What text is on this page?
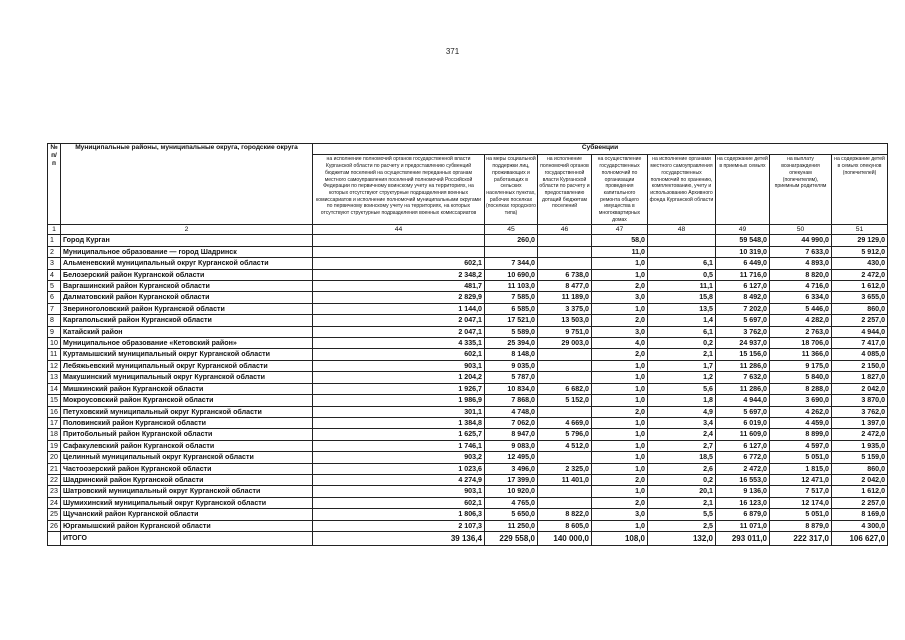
371
№ п/п	Муниципальные районы, муниципальные округа, городские округа	Субвенции							
		на исполнение полномочий органов государственной власти Курганской области по расчету и предоставлению субвенций бюджетам поселений на осуществление переданных органам местного самоуправления поселений полномочий Российской Федерации по первичному воинскому учету на территориях, на которых отсутствуют структурные подразделения военных комиссариатов и исполнение полномочий муниципальными округами по первичному воинскому учету на территориях, на которых отсутствуют структурные подразделения военных комиссариатов	на меры социальной поддержки лиц, проживающих и работающих в сельских населенных пунктах, рабочих поселках (поселках городского типа)	на исполнение полномочий органов государственной власти Курганской области по расчету и предоставлению дотаций бюджетам поселений	на осуществление государственных полномочий по организации проведения капитального ремонта общего имущества в многоквартирных домах	на исполнение органами местного самоуправления государственных полномочий по хранению, комплектованию, учету и использованию Архивного фонда Курганской области	на содержание детей в приемных семьях	на выплату вознаграждения опекунам (попечителям), приемным родителям	на содержание детей в семьях опекунов (попечителей)
1	2	44	45	46	47	48	49	50	51
1	Город Курган		260,0		58,0		59 548,0	44 990,0	29 129,0
2	Муниципальное образование — город Шадринск				11,0		10 319,0	7 633,0	5 912,0
3	Альменевский муниципальный округ Курганской области	602,1	7 344,0		1,0	6,1	6 449,0	4 893,0	430,0
4	Белозерский район Курганской области	2 348,2	10 690,0	6 738,0	1,0	0,5	11 716,0	8 820,0	2 472,0
5	Варгашинский район Курганской области	481,7	11 103,0	8 477,0	2,0	11,1	6 127,0	4 716,0	1 612,0
6	Далматовский район Курганской области	2 829,9	7 585,0	11 189,0	3,0	15,8	8 492,0	6 334,0	3 655,0
7	Звериноголовский район Курганской области	1 144,0	6 585,0	3 375,0	1,0	13,5	7 202,0	5 446,0	860,0
8	Каргапольский район Курганской области	2 047,1	17 521,0	13 503,0	2,0	1,4	5 697,0	4 282,0	2 257,0
9	Катайский район	2 047,1	5 589,0	9 751,0	3,0	6,1	3 762,0	2 763,0	4 944,0
10	Муниципальное образование «Кетовский район»	4 335,1	25 394,0	29 003,0	4,0	0,2	24 937,0	18 706,0	7 417,0
11	Куртамышский муниципальный округ Курганской области	602,1	8 148,0		2,0	2,1	15 156,0	11 366,0	4 085,0
12	Лебяжьевский муниципальный округ Курганской области	903,1	9 035,0		1,0	1,7	11 286,0	9 175,0	2 150,0
13	Макушинский муниципальный округ Курганской области	1 204,2	5 787,0		1,0	1,2	7 632,0	5 840,0	1 827,0
14	Мишкинский район Курганской области	1 926,7	10 834,0	6 682,0	1,0	5,6	11 286,0	8 288,0	2 042,0
15	Мокроусовский район Курганской области	1 986,9	7 868,0	5 152,0	1,0	1,8	4 944,0	3 690,0	3 870,0
16	Петуховский муниципальный округ Курганской области	301,1	4 748,0		2,0	4,9	5 697,0	4 262,0	3 762,0
17	Половинский район Курганской области	1 384,8	7 062,0	4 669,0	1,0	3,4	6 019,0	4 459,0	1 397,0
18	Притобольный район Курганской области	1 625,7	8 947,0	5 796,0	1,0	2,4	11 609,0	8 899,0	2 472,0
19	Сафакулевский район Курганской области	1 746,1	9 083,0	4 512,0	1,0	2,7	6 127,0	4 597,0	1 935,0
20	Целинный муниципальный округ Курганской области	903,2	12 495,0		1,0	18,5	6 772,0	5 051,0	5 159,0
21	Частоозерский район Курганской области	1 023,6	3 496,0	2 325,0	1,0	2,6	2 472,0	1 815,0	860,0
22	Шадринский район Курганской области	4 274,9	17 399,0	11 401,0	2,0	0,2	16 553,0	12 471,0	2 042,0
23	Шатровский муниципальный округ Курганской области	903,1	10 920,0		1,0	20,1	9 136,0	7 517,0	1 612,0
24	Шумихинский муниципальный округ Курганской области	602,1	4 765,0		2,0	2,1	16 123,0	12 174,0	2 257,0
25	Щучанский район Курганской области	1 806,3	5 650,0	8 822,0	3,0	5,5	6 879,0	5 051,0	8 169,0
26	Юргамышский район Курганской области	2 107,3	11 250,0	8 605,0	1,0	2,5	11 071,0	8 879,0	4 300,0
	ИТОГО	39 136,4	229 558,0	140 000,0	108,0	132,0	293 011,0	222 317,0	106 627,0
